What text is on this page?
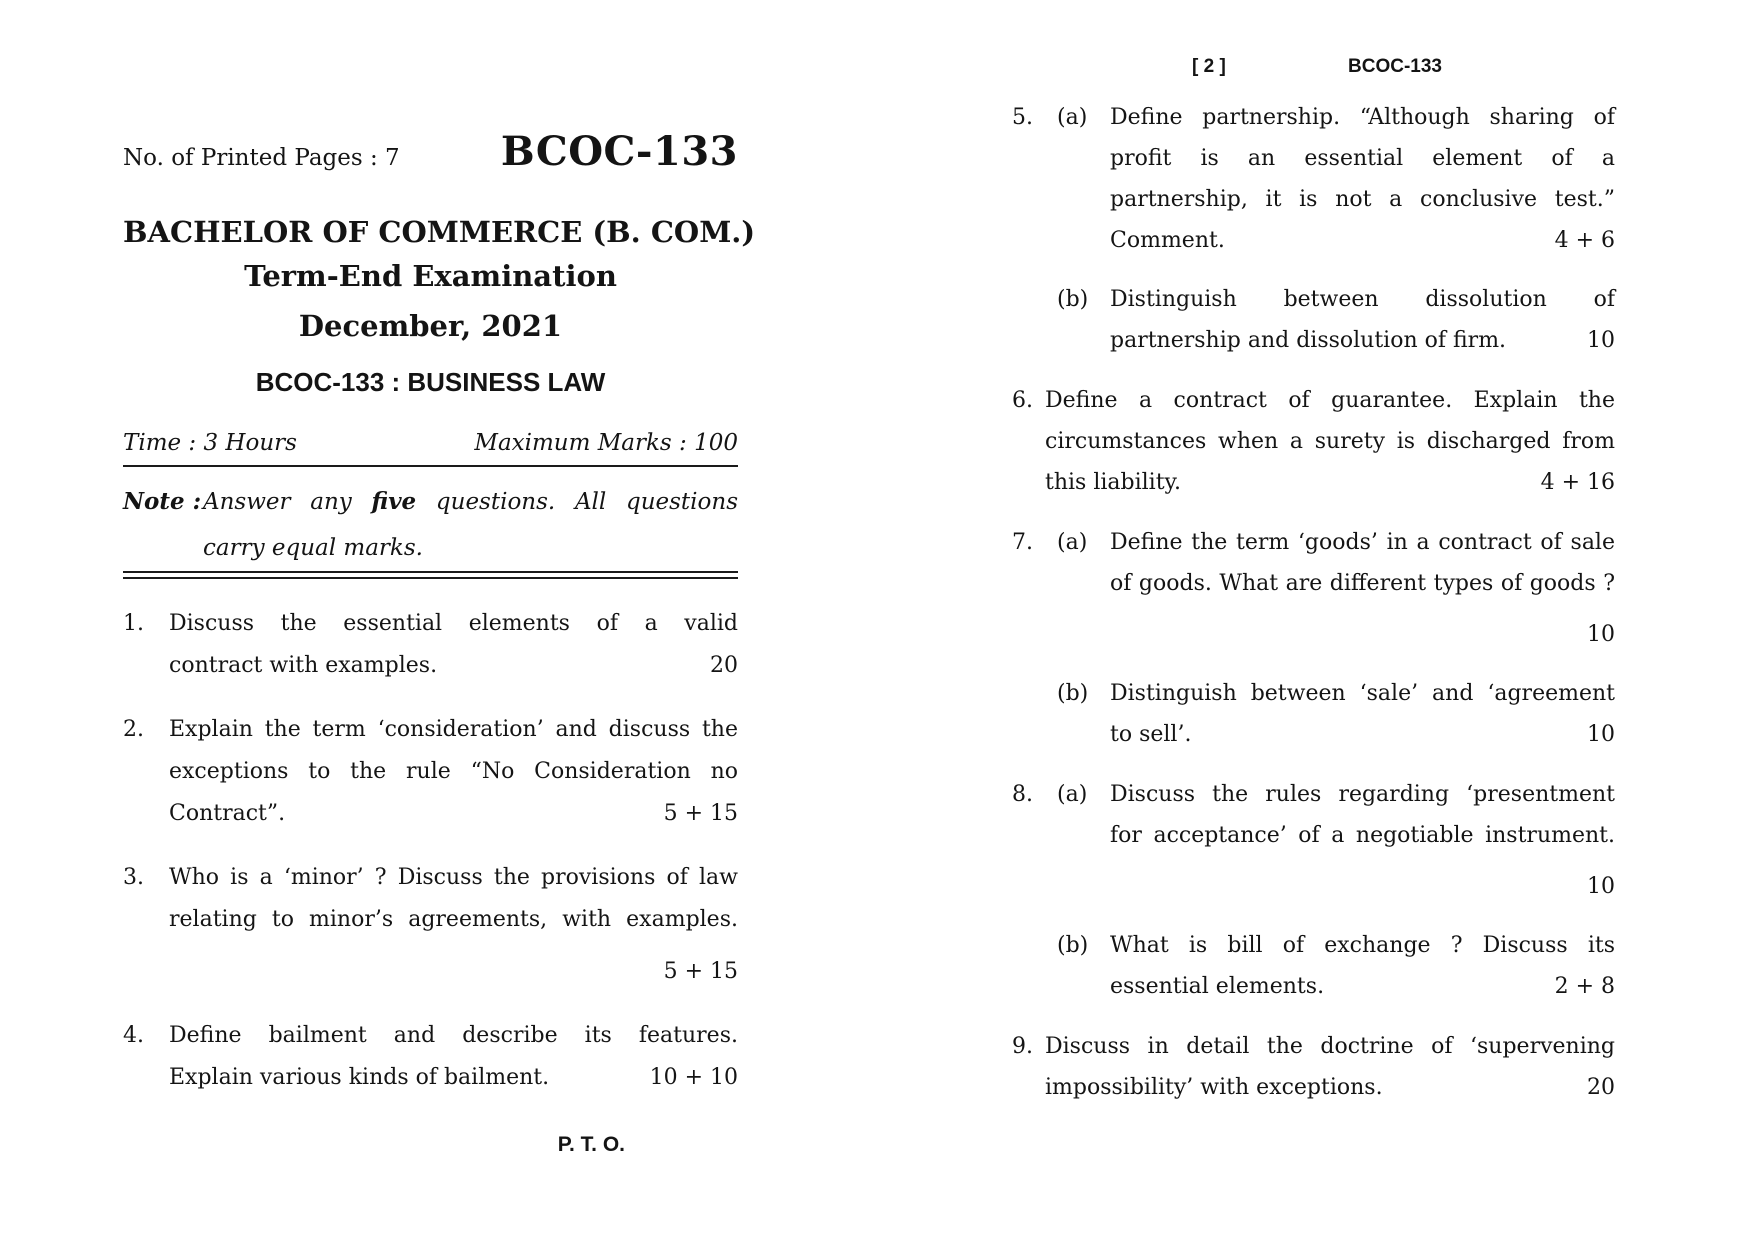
No. of Printed Pages : 7	BCOC-133
BACHELOR OF COMMERCE (B. COM.)
Term-End Examination
December, 2021
BCOC-133 : BUSINESS LAW
Time : 3 Hours	Maximum Marks : 100
Note : Answer any five questions. All questions
carry equal marks.
1.	Discuss the essential elements of a valid
contract with examples.	20
2.	Explain the term ‘consideration’ and discuss the
exceptions to the rule “No Consideration no
Contract”.	5 + 15
3.	Who is a ‘minor’ ? Discuss the provisions of law
relating to minor’s agreements, with examples.
5 + 15
4.	Define bailment and describe its features.
Explain various kinds of bailment.	10 + 10
P. T. O.
[ 2 ]	BCOC-133
5.	(a)	Define partnership. “Although sharing of
profit is an essential element of a
partnership, it is not a conclusive test.”
Comment.	4 + 6
(b) Distinguish between dissolution of
partnership and dissolution of firm.	10
6. Define a contract of guarantee. Explain the
circumstances when a surety is discharged from
this liability.	4 + 16
7.	(a)	Define the term ‘goods’ in a contract of sale
of goods. What are different types of goods ?
10
(b) Distinguish between ‘sale’ and ‘agreement
to sell’.	10
8.	(a)	Discuss the rules regarding ‘presentment
for acceptance’ of a negotiable instrument.
10
(b) What is bill of exchange ? Discuss its
essential elements.	2 + 8
9. Discuss in detail the doctrine of ‘supervening
impossibility’ with exceptions.	20
